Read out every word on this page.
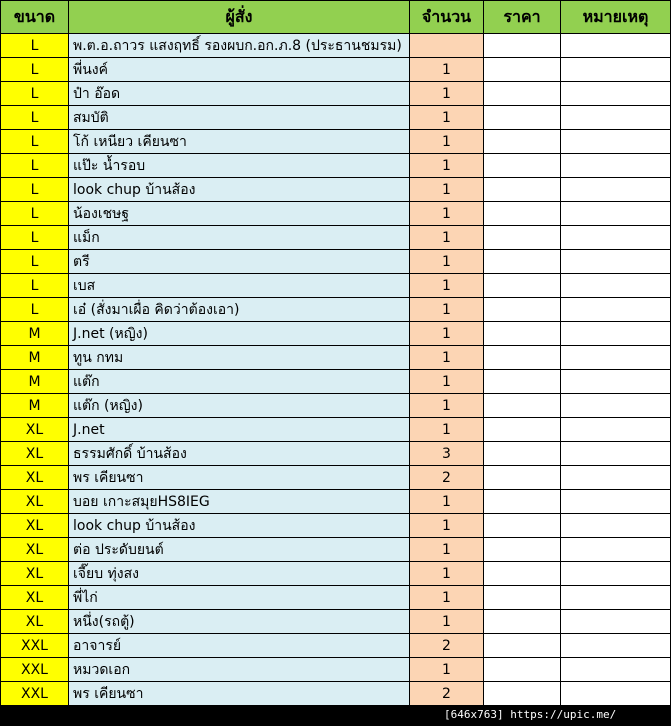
ขนาด	ผู้สั่ง	จำนวน	ราคา	หมายเหตุ
L	พ.ต.อ.ถาวร แสงฤทธิ์ รองผบก.อก.ภ.8 (ประธานชมรม)			
L	พี่นงค์	1		
L	ป๋า อ๊อด	1		
L	สมบัติ	1		
L	โก้ เหนียว เคียนซา	1		
L	แป๊ะ น้ำรอบ	1		
L	look chup บ้านส้อง	1		
L	น้องเชษฐ	1		
L	แม็ก	1		
L	ตรี	1		
L	เบส	1		
L	เอ๋ (สั่งมาเผื่อ คิดว่าต้องเอา)	1		
M	J.net (หญิง)	1		
M	ทูน กทม	1		
M	แต๊ก	1		
M	แต๊ก (หญิง)	1		
XL	J.net	1		
XL	ธรรมศักดิ์ บ้านส้อง	3		
XL	พร เคียนซา	2		
XL	บอย เกาะสมุยHS8IEG	1		
XL	look chup บ้านส้อง	1		
XL	ต่อ ประดับยนต์	1		
XL	เจี๊ยบ ทุ่งสง	1		
XL	พี่ไก่	1		
XL	หนึ่ง(รถตู้)	1		
XXL	อาจารย์	2		
XXL	หมวดเอก	1		
XXL	พร เคียนซา	2		
[646x763] https://upic.me/
